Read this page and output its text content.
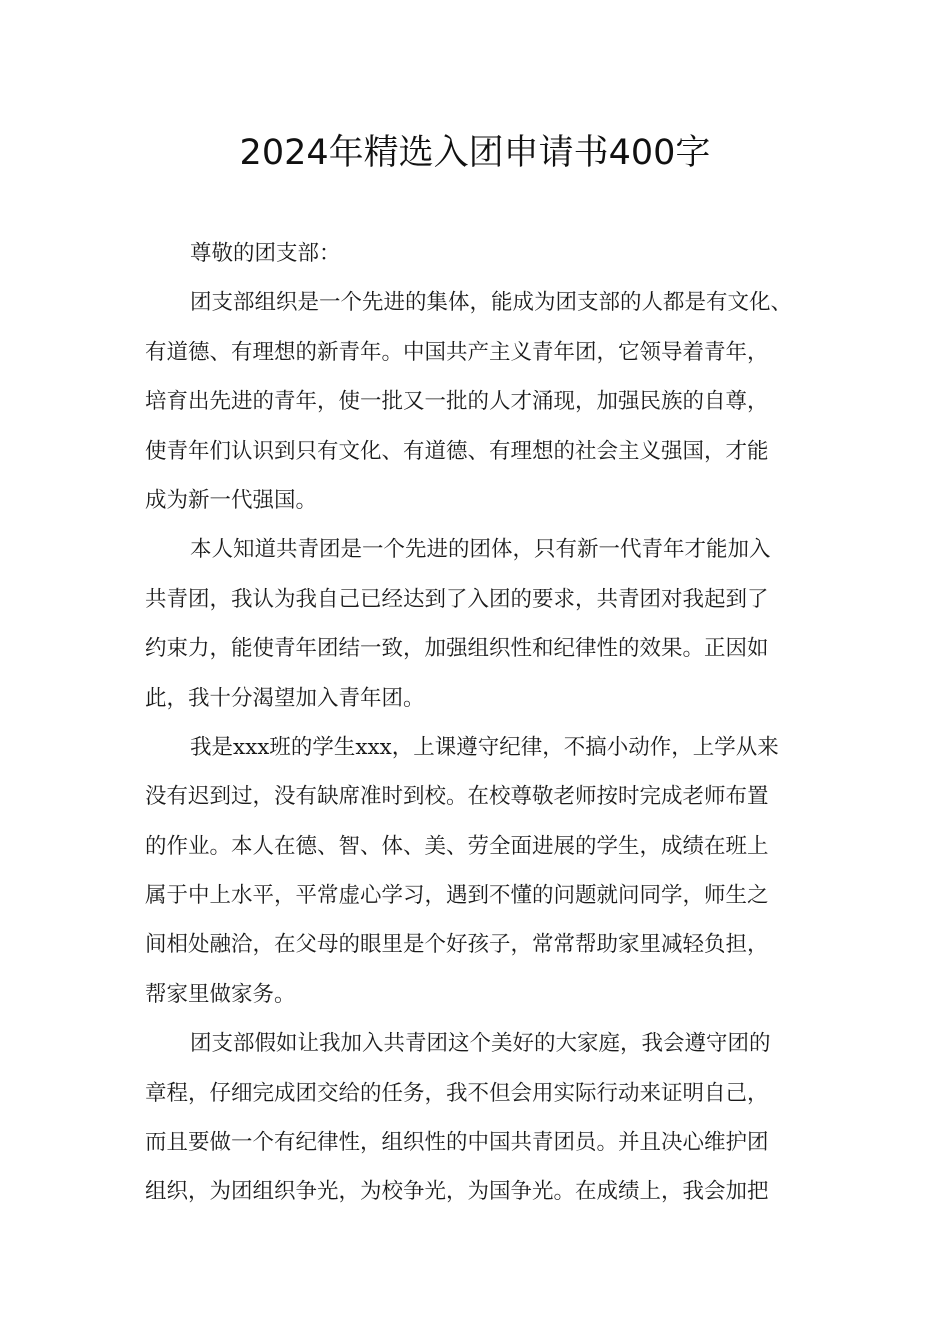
2024年精选入团申请书400字
尊敬的团支部：
团支部组织是一个先进的集体，能成为团支部的人都是有文化、
有道德、有理想的新青年。中国共产主义青年团，它领导着青年，
培育出先进的青年，使一批又一批的人才涌现，加强民族的自尊，
使青年们认识到只有文化、有道德、有理想的社会主义强国，才能
成为新一代强国。
本人知道共青团是一个先进的团体，只有新一代青年才能加入
共青团，我认为我自己已经达到了入团的要求，共青团对我起到了
约束力，能使青年团结一致，加强组织性和纪律性的效果。正因如
此，我十分渴望加入青年团。
我是xxx班的学生xxx，上课遵守纪律，不搞小动作，上学从来
没有迟到过，没有缺席准时到校。在校尊敬老师按时完成老师布置
的作业。本人在德、智、体、美、劳全面进展的学生，成绩在班上
属于中上水平，平常虚心学习，遇到不懂的问题就问同学，师生之
间相处融洽，在父母的眼里是个好孩子，常常帮助家里减轻负担，
帮家里做家务。
团支部假如让我加入共青团这个美好的大家庭，我会遵守团的
章程，仔细完成团交给的任务，我不但会用实际行动来证明自己，
而且要做一个有纪律性，组织性的中国共青团员。并且决心维护团
组织，为团组织争光，为校争光，为国争光。在成绩上，我会加把
